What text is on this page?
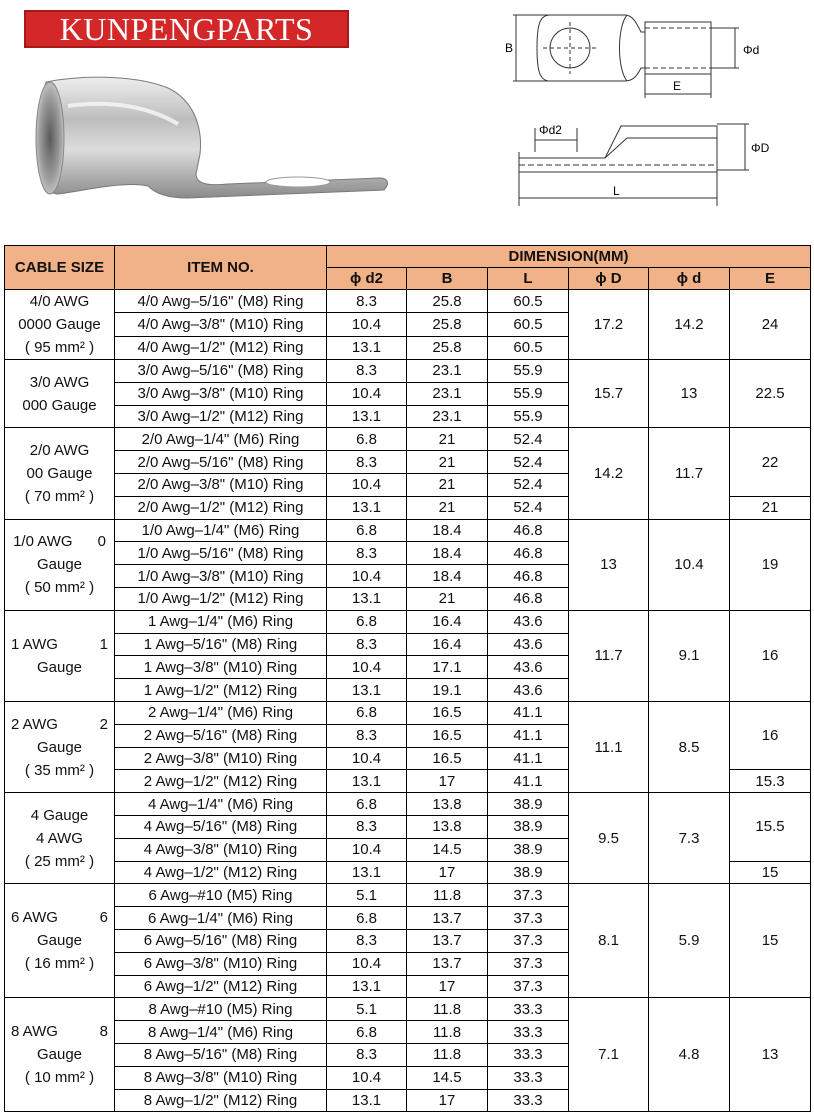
KUNPENGPARTS
B	Φd
E
Φd2
ΦD
L
CABLE SIZE	ITEM NO.	DIMENSION(MM)					
		ϕ d2	B	L	ϕ D	ϕ d	E

4/0 AWG
0000 Gauge
( 95 mm² )	4/0 Awg–5/16" (M8) Ring	8.3	25.8	60.5	17.2	14.2	24
	4/0 Awg–3/8" (M10) Ring	10.4	25.8	60.5			
	4/0 Awg–1/2" (M12) Ring	13.1	25.8	60.5			

3/0 AWG
000 Gauge	3/0 Awg–5/16" (M8) Ring	8.3	23.1	55.9	15.7	13	22.5
	3/0 Awg–3/8" (M10) Ring	10.4	23.1	55.9			
	3/0 Awg–1/2" (M12) Ring	13.1	23.1	55.9			

2/0 AWG
00 Gauge
( 70 mm² )	2/0 Awg–1/4" (M6) Ring	6.8	21	52.4	14.2	11.7	22
	2/0 Awg–5/16" (M8) Ring	8.3	21	52.4			
	2/0 Awg–3/8" (M10) Ring	10.4	21	52.4			
	2/0 Awg–1/2" (M12) Ring	13.1	21	52.4			21

1/0 AWG      0
Gauge
( 50 mm² )	1/0 Awg–1/4" (M6) Ring	6.8	18.4	46.8	13	10.4	19
	1/0 Awg–5/16" (M8) Ring	8.3	18.4	46.8			
	1/0 Awg–3/8" (M10) Ring	10.4	18.4	46.8			
	1/0 Awg–1/2" (M12) Ring	13.1	21	46.8			

1 AWG          1
Gauge	1 Awg–1/4" (M6) Ring	6.8	16.4	43.6	11.7	9.1	16
	1 Awg–5/16" (M8) Ring	8.3	16.4	43.6			
	1 Awg–3/8" (M10) Ring	10.4	17.1	43.6			
	1 Awg–1/2" (M12) Ring	13.1	19.1	43.6			

2 AWG          2
Gauge
( 35 mm² )	2 Awg–1/4" (M6) Ring	6.8	16.5	41.1	11.1	8.5	16
	2 Awg–5/16" (M8) Ring	8.3	16.5	41.1			
	2 Awg–3/8" (M10) Ring	10.4	16.5	41.1			
	2 Awg–1/2" (M12) Ring	13.1	17	41.1			15.3

4 Gauge
4 AWG
( 25 mm² )	4 Awg–1/4" (M6) Ring	6.8	13.8	38.9	9.5	7.3	15.5
	4 Awg–5/16" (M8) Ring	8.3	13.8	38.9			
	4 Awg–3/8" (M10) Ring	10.4	14.5	38.9			
	4 Awg–1/2" (M12) Ring	13.1	17	38.9			15

6 AWG          6
Gauge
( 16 mm² )	6 Awg–#10 (M5) Ring	5.1	11.8	37.3	8.1	5.9	15
	6 Awg–1/4" (M6) Ring	6.8	13.7	37.3			
	6 Awg–5/16" (M8) Ring	8.3	13.7	37.3			
	6 Awg–3/8" (M10) Ring	10.4	13.7	37.3			
	6 Awg–1/2" (M12) Ring	13.1	17	37.3			

8 AWG          8
Gauge
( 10 mm² )	8 Awg–#10 (M5) Ring	5.1	11.8	33.3	7.1	4.8	13
	8 Awg–1/4" (M6) Ring	6.8	11.8	33.3			
	8 Awg–5/16" (M8) Ring	8.3	11.8	33.3			
	8 Awg–3/8" (M10) Ring	10.4	14.5	33.3			
	8 Awg–1/2" (M12) Ring	13.1	17	33.3			
